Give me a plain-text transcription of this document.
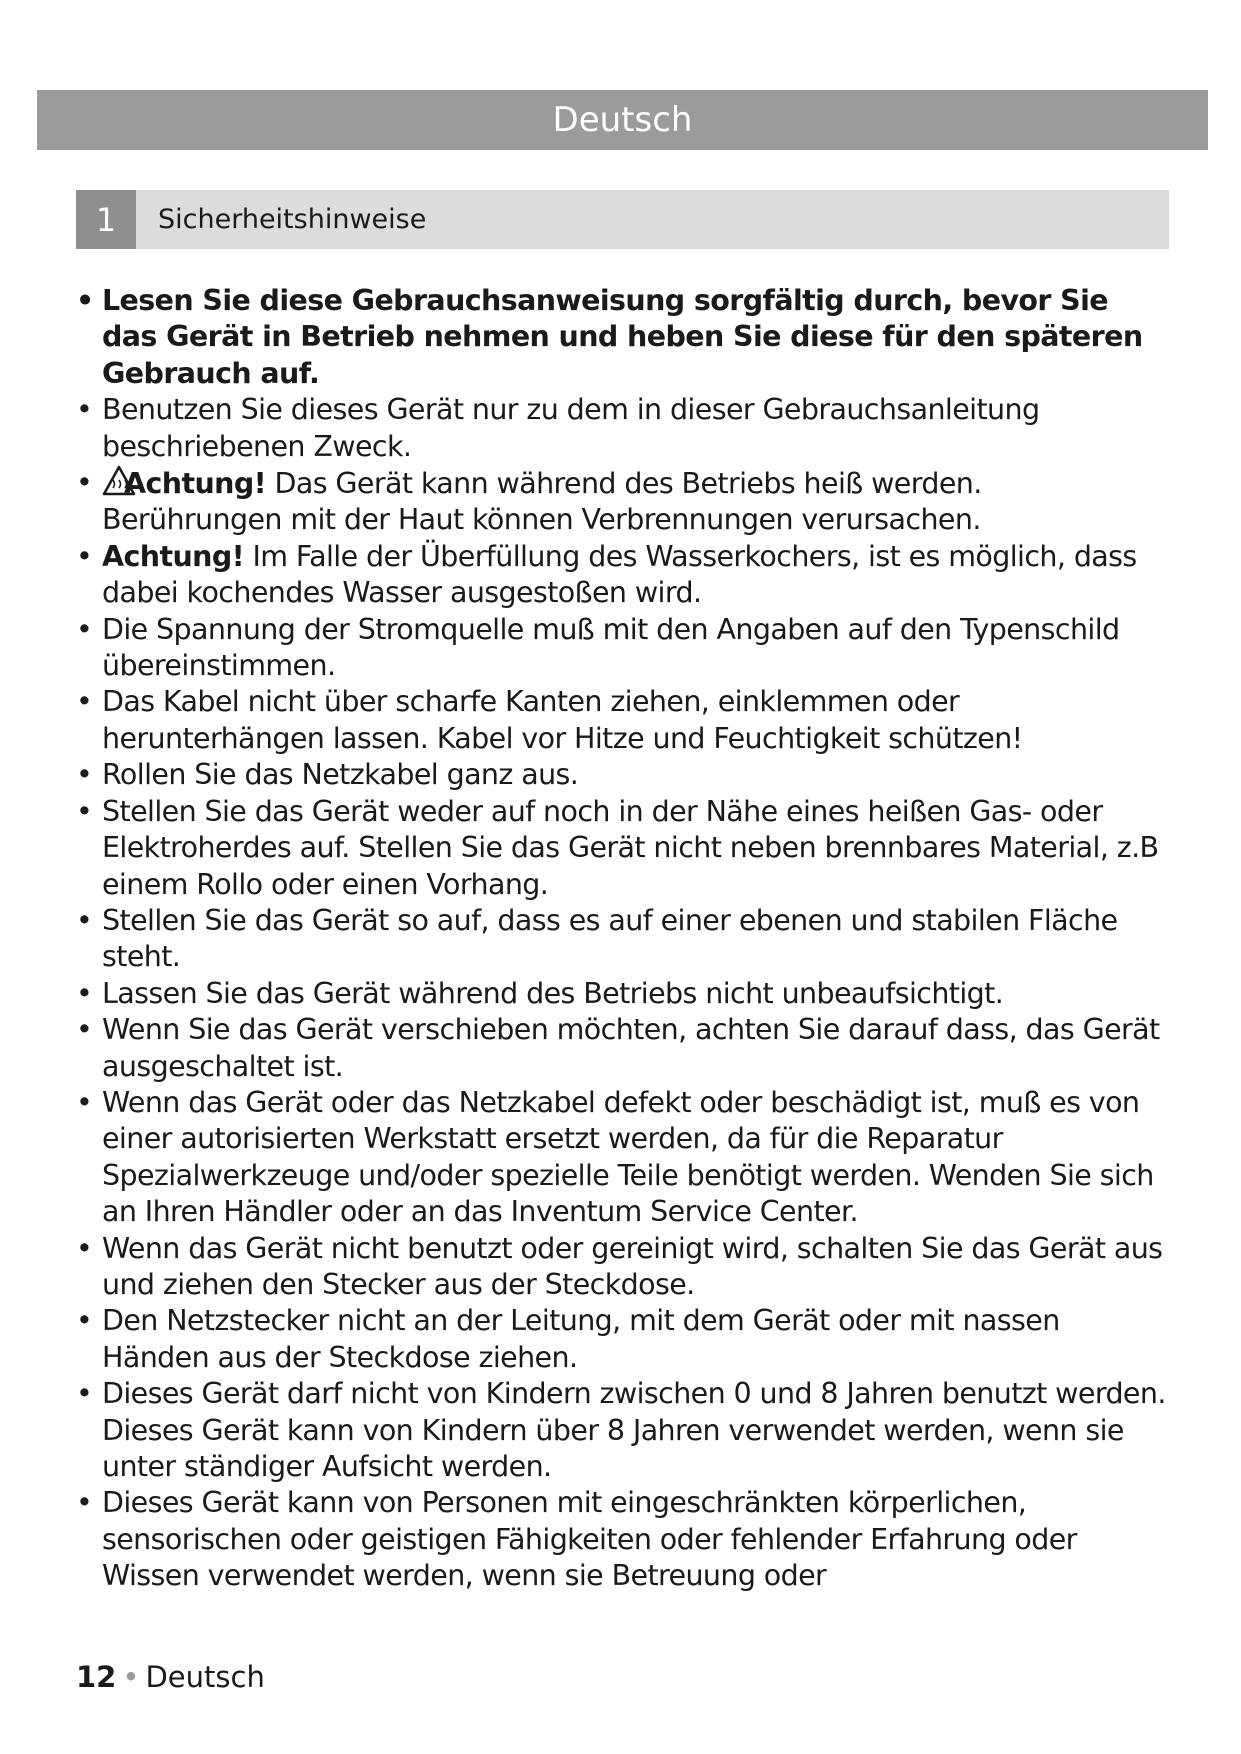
Deutsch
1	Sicherheitshinweise
• Lesen Sie diese Gebrauchsanweisung sorgfältig durch, bevor Sie das Gerät in Betrieb nehmen und heben Sie diese für den späteren Gebrauch auf.
• Benutzen Sie dieses Gerät nur zu dem in dieser Gebrauchsanleitung beschriebenen Zweck.
• Achtung! Das Gerät kann während des Betriebs heiß werden. Berührungen mit der Haut können Verbrennungen verursachen.
• Achtung! Im Falle der Überfüllung des Wasserkochers, ist es möglich, dass dabei kochendes Wasser ausgestoßen wird.
• Die Spannung der Stromquelle muß mit den Angaben auf den Typenschild übereinstimmen.
• Das Kabel nicht über scharfe Kanten ziehen, einklemmen oder herunterhängen lassen. Kabel vor Hitze und Feuchtigkeit schützen!
• Rollen Sie das Netzkabel ganz aus.
• Stellen Sie das Gerät weder auf noch in der Nähe eines heißen Gas- oder Elektroherdes auf. Stellen Sie das Gerät nicht neben brennbares Material, z.B einem Rollo oder einen Vorhang.
• Stellen Sie das Gerät so auf, dass es auf einer ebenen und stabilen Fläche steht.
• Lassen Sie das Gerät während des Betriebs nicht unbeaufsichtigt.
• Wenn Sie das Gerät verschieben möchten, achten Sie darauf dass, das Gerät ausgeschaltet ist.
• Wenn das Gerät oder das Netzkabel defekt oder beschädigt ist, muß es von einer autorisierten Werkstatt ersetzt werden, da für die Reparatur Spezialwerkzeuge und/oder spezielle Teile benötigt werden. Wenden Sie sich an Ihren Händler oder an das Inventum Service Center.
• Wenn das Gerät nicht benutzt oder gereinigt wird, schalten Sie das Gerät aus und ziehen den Stecker aus der Steckdose.
• Den Netzstecker nicht an der Leitung, mit dem Gerät oder mit nassen Händen aus der Steckdose ziehen.
• Dieses Gerät darf nicht von Kindern zwischen 0 und 8 Jahren benutzt werden. Dieses Gerät kann von Kindern über 8 Jahren verwendet werden, wenn sie unter ständiger Aufsicht werden.
• Dieses Gerät kann von Personen mit eingeschränkten körperlichen, sensorischen oder geistigen Fähigkeiten oder fehlender Erfahrung oder Wissen verwendet werden, wenn sie Betreuung oder
12 • Deutsch
